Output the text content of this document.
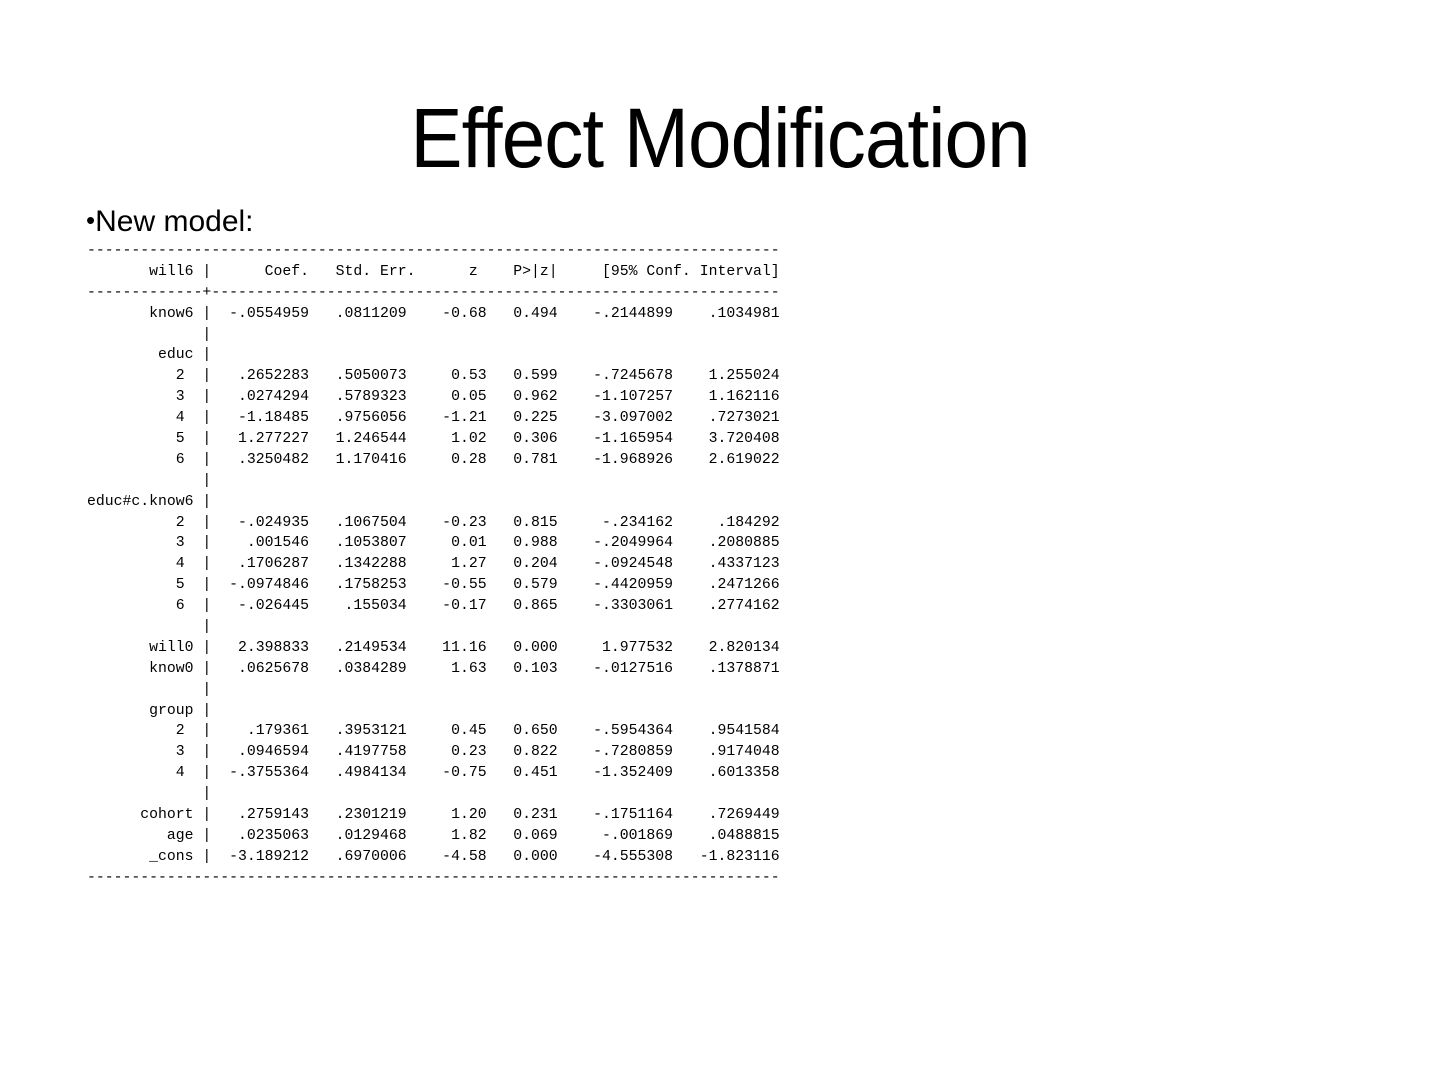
Effect Modification
•New model:
------------------------------------------------------------------------------
will6 |      Coef.   Std. Err.      z    P>|z|     [95% Conf. Interval]
-------------+----------------------------------------------------------------
know6 |  -.0554959   .0811209    -0.68   0.494    -.2144899    .1034981
|
educ |
2  |   .2652283   .5050073     0.53   0.599    -.7245678    1.255024
3  |   .0274294   .5789323     0.05   0.962    -1.107257    1.162116
4  |   -1.18485   .9756056    -1.21   0.225    -3.097002    .7273021
5  |   1.277227   1.246544     1.02   0.306    -1.165954    3.720408
6  |   .3250482   1.170416     0.28   0.781    -1.968926    2.619022
|
educ#c.know6 |
2  |   -.024935   .1067504    -0.23   0.815     -.234162     .184292
3  |    .001546   .1053807     0.01   0.988    -.2049964    .2080885
4  |   .1706287   .1342288     1.27   0.204    -.0924548    .4337123
5  |  -.0974846   .1758253    -0.55   0.579    -.4420959    .2471266
6  |   -.026445    .155034    -0.17   0.865    -.3303061    .2774162
|
will0 |   2.398833   .2149534    11.16   0.000     1.977532    2.820134
know0 |   .0625678   .0384289     1.63   0.103    -.0127516    .1378871
|
group |
2  |    .179361   .3953121     0.45   0.650    -.5954364    .9541584
3  |   .0946594   .4197758     0.23   0.822    -.7280859    .9174048
4  |  -.3755364   .4984134    -0.75   0.451    -1.352409    .6013358
|
cohort |   .2759143   .2301219     1.20   0.231    -.1751164    .7269449
age |   .0235063   .0129468     1.82   0.069     -.001869    .0488815
_cons |  -3.189212   .6970006    -4.58   0.000    -4.555308   -1.823116
------------------------------------------------------------------------------
